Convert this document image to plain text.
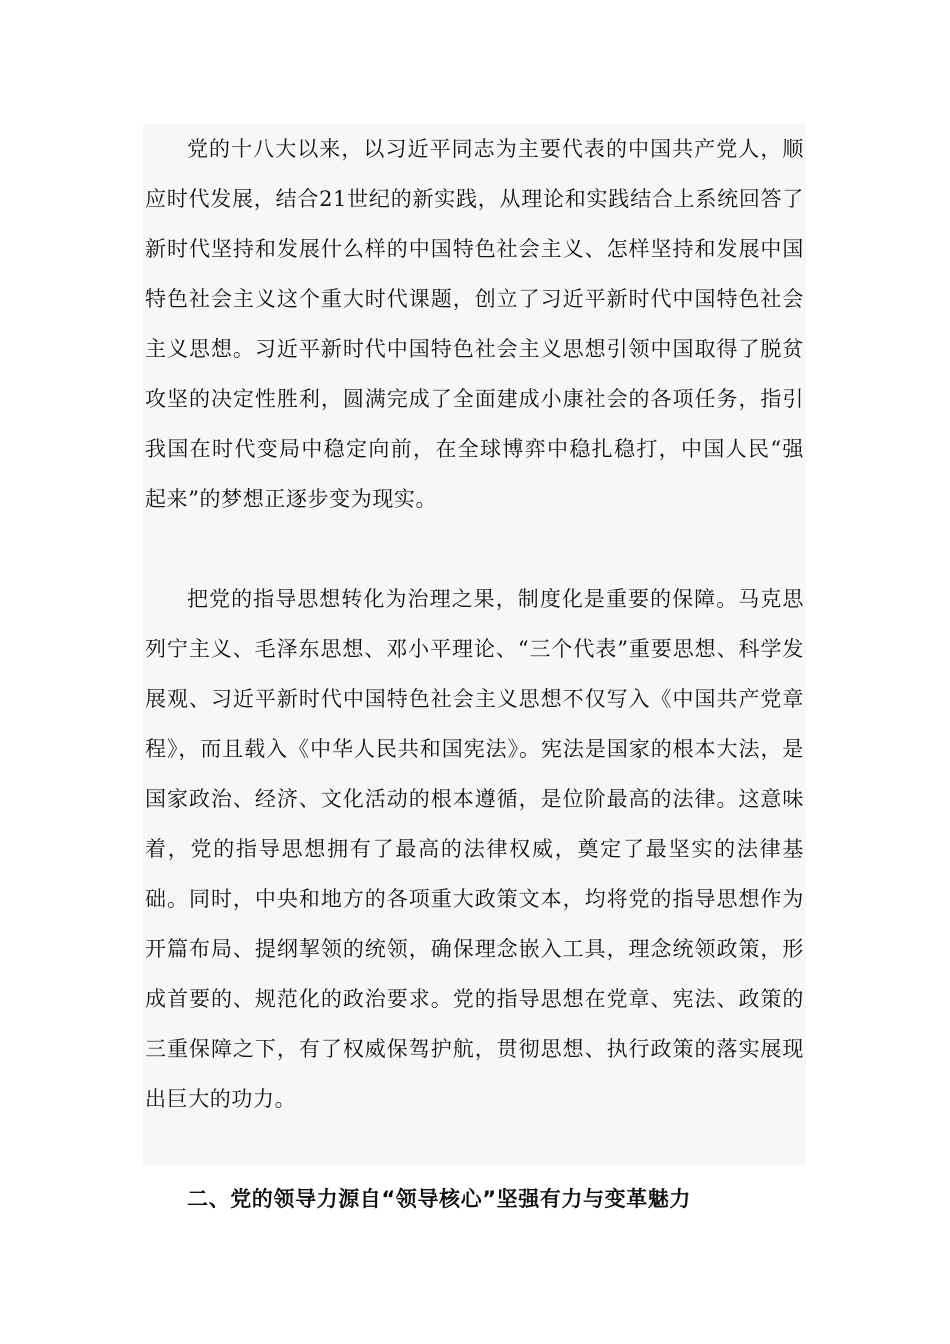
党的十八大以来，以习近平同志为主要代表的中国共产党人，顺应时代发展，结合21世纪的新实践，从理论和实践结合上系统回答了新时代坚持和发展什么样的中国特色社会主义、怎样坚持和发展中国特色社会主义这个重大时代课题，创立了习近平新时代中国特色社会主义思想。习近平新时代中国特色社会主义思想引领中国取得了脱贫攻坚的决定性胜利，圆满完成了全面建成小康社会的各项任务，指引我国在时代变局中稳定向前，在全球博弈中稳扎稳打，中国人民“强起来”的梦想正逐步变为现实。

把党的指导思想转化为治理之果，制度化是重要的保障。马克思列宁主义、毛泽东思想、邓小平理论、“三个代表”重要思想、科学发展观、习近平新时代中国特色社会主义思想不仅写入《中国共产党章程》，而且载入《中华人民共和国宪法》。宪法是国家的根本大法，是国家政治、经济、文化活动的根本遵循，是位阶最高的法律。这意味着，党的指导思想拥有了最高的法律权威，奠定了最坚实的法律基础。同时，中央和地方的各项重大政策文本，均将党的指导思想作为开篇布局、提纲挈领的统领，确保理念嵌入工具，理念统领政策，形成首要的、规范化的政治要求。党的指导思想在党章、宪法、政策的三重保障之下，有了权威保驾护航，贯彻思想、执行政策的落实展现出巨大的功力。

二、党的领导力源自“领导核心”坚强有力与变革魅力
